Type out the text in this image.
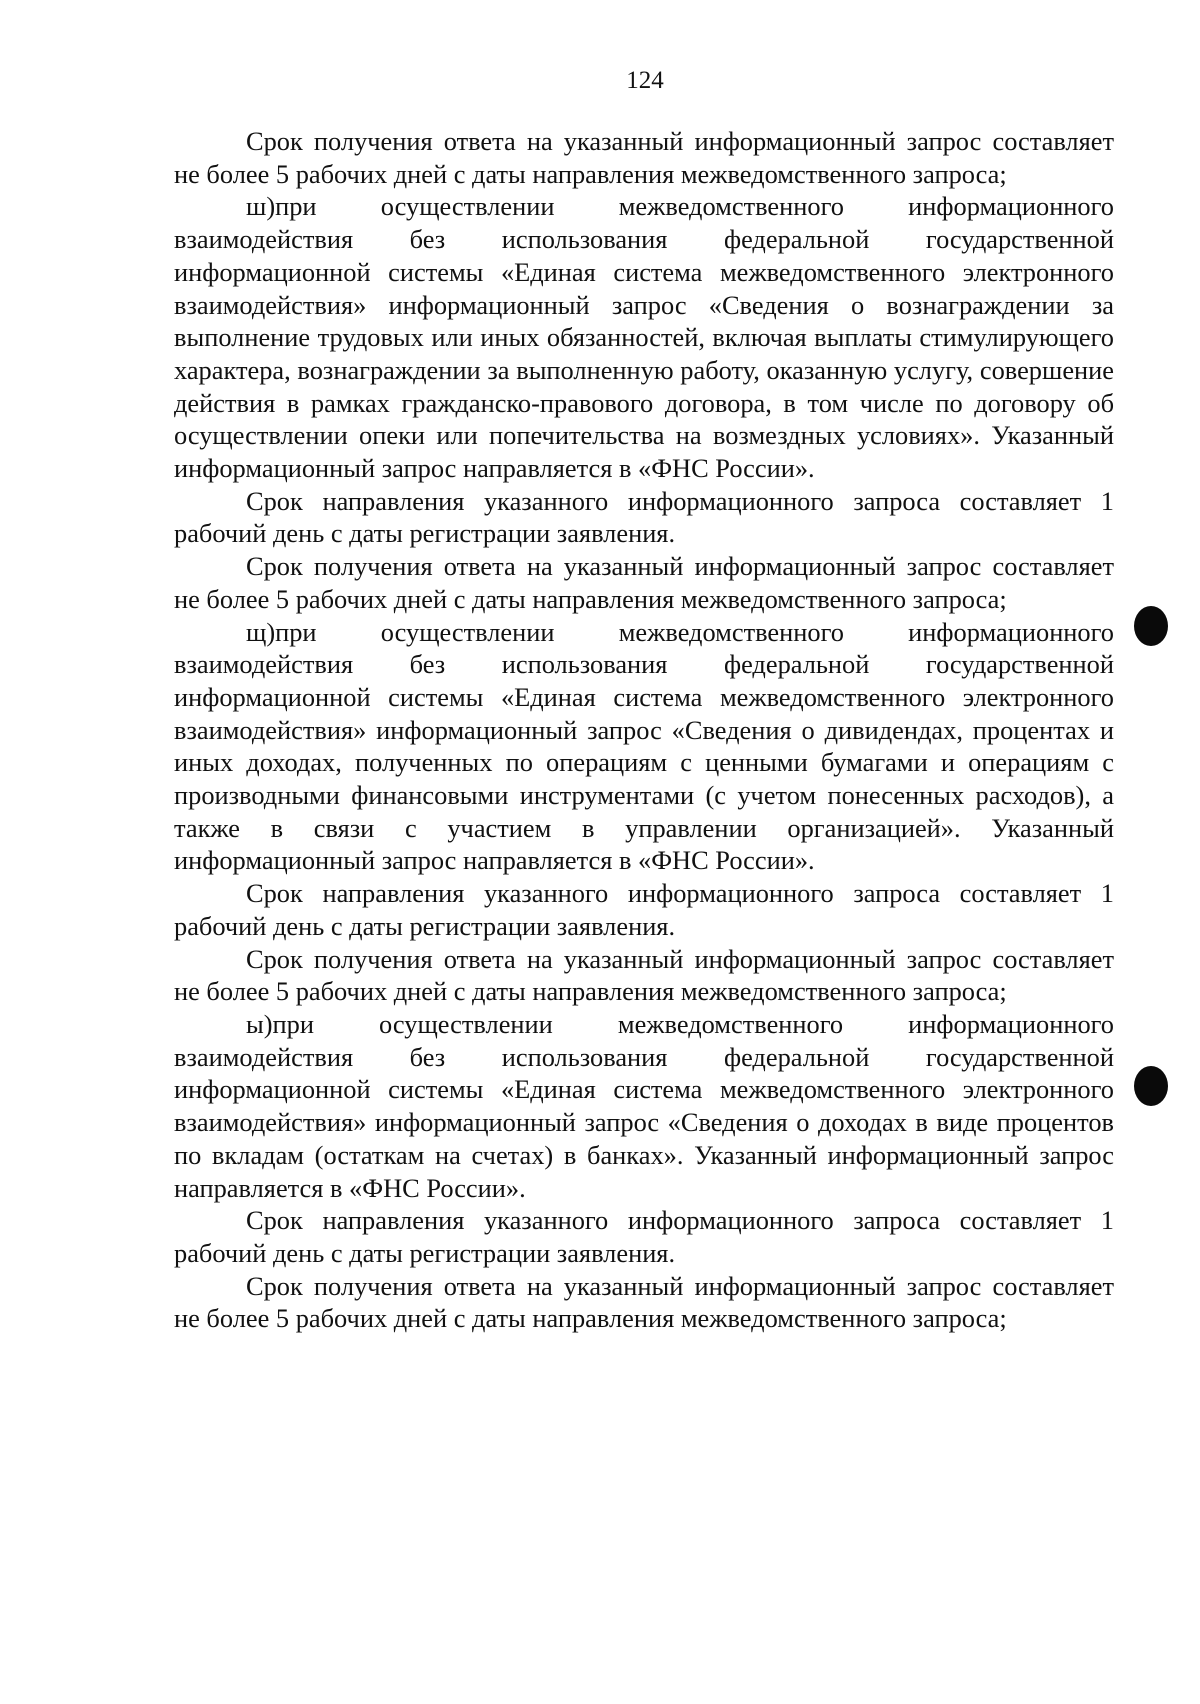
124

Срок получения ответа на указанный информационный запрос составляет не более 5 рабочих дней с даты направления межведомственного запроса;

ш)при осуществлении межведомственного информационного взаимодействия без использования федеральной государственной информационной системы «Единая система межведомственного электронного взаимодействия» информационный запрос «Сведения о вознаграждении за выполнение трудовых или иных обязанностей, включая выплаты стимулирующего характера, вознаграждении за выполненную работу, оказанную услугу, совершение действия в рамках гражданско-правового договора, в том числе по договору об осуществлении опеки или попечительства на возмездных условиях». Указанный информационный запрос направляется в «ФНС России».

Срок направления указанного информационного запроса составляет 1 рабочий день с даты регистрации заявления.

Срок получения ответа на указанный информационный запрос составляет не более 5 рабочих дней с даты направления межведомственного запроса;

щ)при осуществлении межведомственного информационного взаимодействия без использования федеральной государственной информационной системы «Единая система межведомственного электронного взаимодействия» информационный запрос «Сведения о дивидендах, процентах и иных доходах, полученных по операциям с ценными бумагами и операциям с производными финансовыми инструментами (с учетом понесенных расходов), а также в связи с участием в управлении организацией». Указанный информационный запрос направляется в «ФНС России».

Срок направления указанного информационного запроса составляет 1 рабочий день с даты регистрации заявления.

Срок получения ответа на указанный информационный запрос составляет не более 5 рабочих дней с даты направления межведомственного запроса;

ы)при осуществлении межведомственного информационного взаимодействия без использования федеральной государственной информационной системы «Единая система межведомственного электронного взаимодействия» информационный запрос «Сведения о доходах в виде процентов по вкладам (остаткам на счетах) в банках». Указанный информационный запрос направляется в «ФНС России».

Срок направления указанного информационного запроса составляет 1 рабочий день с даты регистрации заявления.

Срок получения ответа на указанный информационный запрос составляет не более 5 рабочих дней с даты направления межведомственного запроса;
